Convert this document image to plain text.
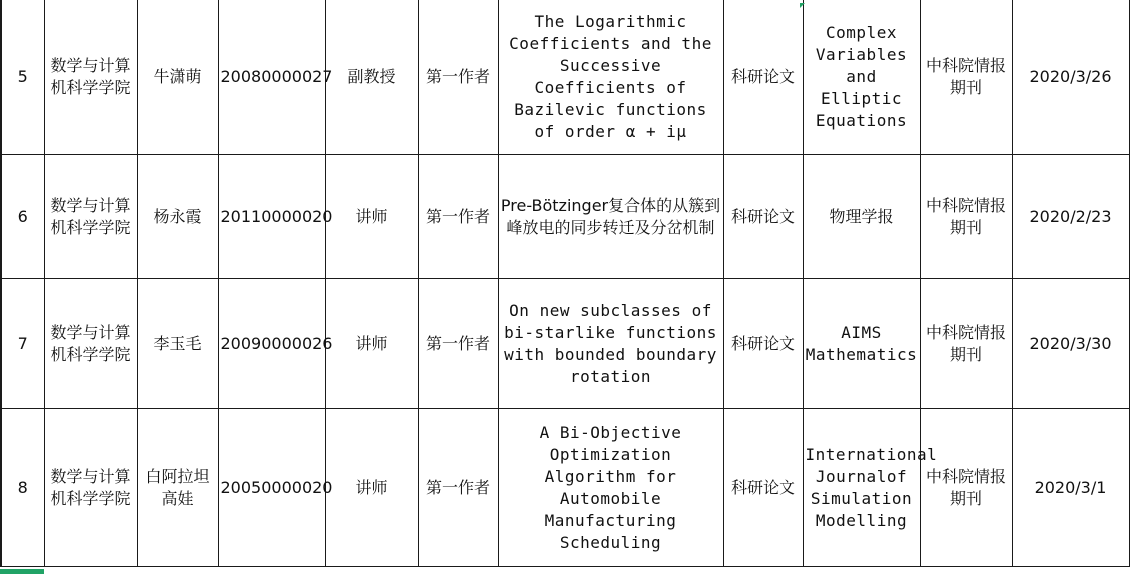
5	数学与计算机科学学院	牛潇萌	20080000027	副教授	第一作者	The Logarithmic Coefficients and the Successive Coefficients of Bazilevic functions of order α + iμ	科研论文	Complex Variables and Elliptic Equations	中科院情报期刊	2020/3/26
6	数学与计算机科学学院	杨永霞	20110000020	讲师	第一作者	Pre-Bötzinger复合体的从簇到峰放电的同步转迁及分岔机制	科研论文	物理学报	中科院情报期刊	2020/2/23
7	数学与计算机科学学院	李玉毛	20090000026	讲师	第一作者	On new subclasses of bi-starlike functions with bounded boundary rotation	科研论文	AIMS Mathematics	中科院情报期刊	2020/3/30
8	数学与计算机科学学院	白阿拉坦高娃	20050000020	讲师	第一作者	A Bi-Objective Optimization Algorithm for Automobile Manufacturing Scheduling	科研论文	International Journalof Simulation Modelling	中科院情报期刊	2020/3/1
